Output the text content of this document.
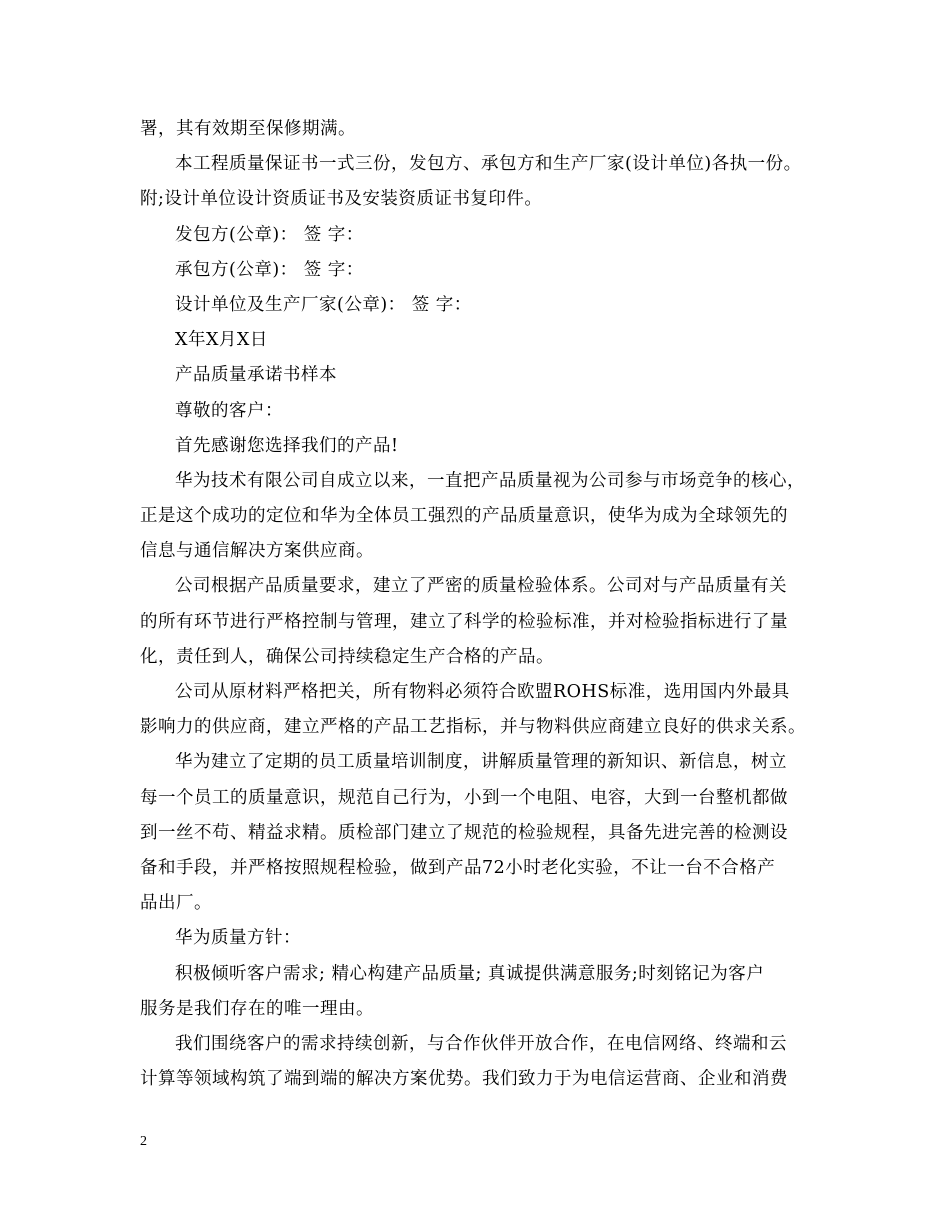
署，其有效期至保修期满。
本工程质量保证书一式三份，发包方、承包方和生产厂家(设计单位)各执一份。
附;设计单位设计资质证书及安装资质证书复印件。
发包方(公章)： 签 字：
承包方(公章)： 签 字：
设计单位及生产厂家(公章)： 签 字：
X年X月X日
产品质量承诺书样本
尊敬的客户：
首先感谢您选择我们的产品!
华为技术有限公司自成立以来，一直把产品质量视为公司参与市场竞争的核心，
正是这个成功的定位和华为全体员工强烈的产品质量意识，使华为成为全球领先的
信息与通信解决方案供应商。
公司根据产品质量要求，建立了严密的质量检验体系。公司对与产品质量有关
的所有环节进行严格控制与管理，建立了科学的检验标准，并对检验指标进行了量
化，责任到人，确保公司持续稳定生产合格的产品。
公司从原材料严格把关，所有物料必须符合欧盟ROHS标准，选用国内外最具
影响力的供应商，建立严格的产品工艺指标，并与物料供应商建立良好的供求关系。
华为建立了定期的员工质量培训制度，讲解质量管理的新知识、新信息，树立
每一个员工的质量意识，规范自己行为，小到一个电阻、电容，大到一台整机都做
到一丝不苟、精益求精。质检部门建立了规范的检验规程，具备先进完善的检测设
备和手段，并严格按照规程检验，做到产品72小时老化实验，不让一台不合格产
品出厂。
华为质量方针：
积极倾听客户需求; 精心构建产品质量; 真诚提供满意服务;时刻铭记为客户
服务是我们存在的唯一理由。
我们围绕客户的需求持续创新，与合作伙伴开放合作，在电信网络、终端和云
计算等领域构筑了端到端的解决方案优势。我们致力于为电信运营商、企业和消费
2
